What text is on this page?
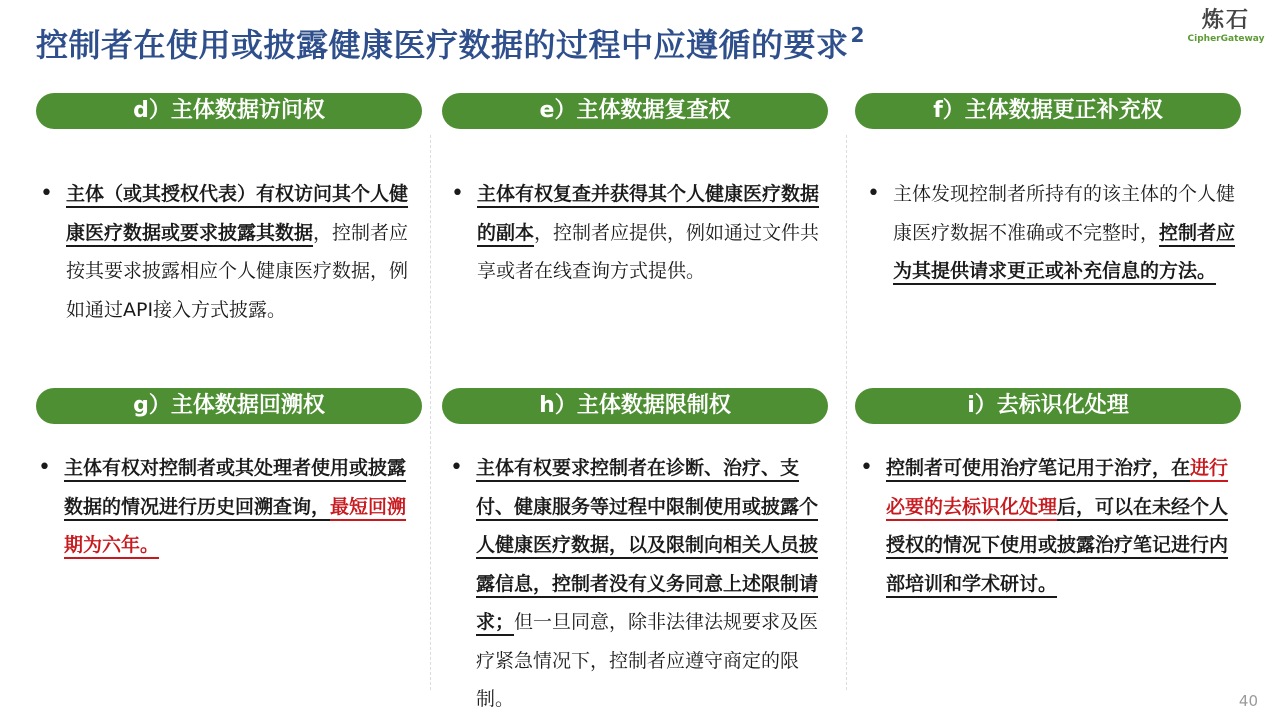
控制者在使用或披露健康医疗数据的过程中应遵循的要求 $^2$
炼石
CipherGateway
d）主体数据访问权	e）主体数据复查权	f）主体数据更正补充权
• 主体（或其授权代表）有权访问其个人健康医疗数据或要求披露其数据，控制者应按其要求披露相应个人健康医疗数据，例如通过API接入方式披露。
• 主体有权复查并获得其个人健康医疗数据的副本，控制者应提供，例如通过文件共享或者在线查询方式提供。
• 主体发现控制者所持有的该主体的个人健康医疗数据不准确或不完整时，控制者应为其提供请求更正或补充信息的方法。
g）主体数据回溯权	h）主体数据限制权	i）去标识化处理
• 主体有权对控制者或其处理者使用或披露数据的情况进行历史回溯查询，最短回溯期为六年。
• 主体有权要求控制者在诊断、治疗、支付、健康服务等过程中限制使用或披露个人健康医疗数据，以及限制向相关人员披露信息，控制者没有义务同意上述限制请求；但一旦同意，除非法律法规要求及医疗紧急情况下，控制者应遵守商定的限制。
• 控制者可使用治疗笔记用于治疗，在进行必要的去标识化处理后，可以在未经个人授权的情况下使用或披露治疗笔记进行内部培训和学术研讨。
40
